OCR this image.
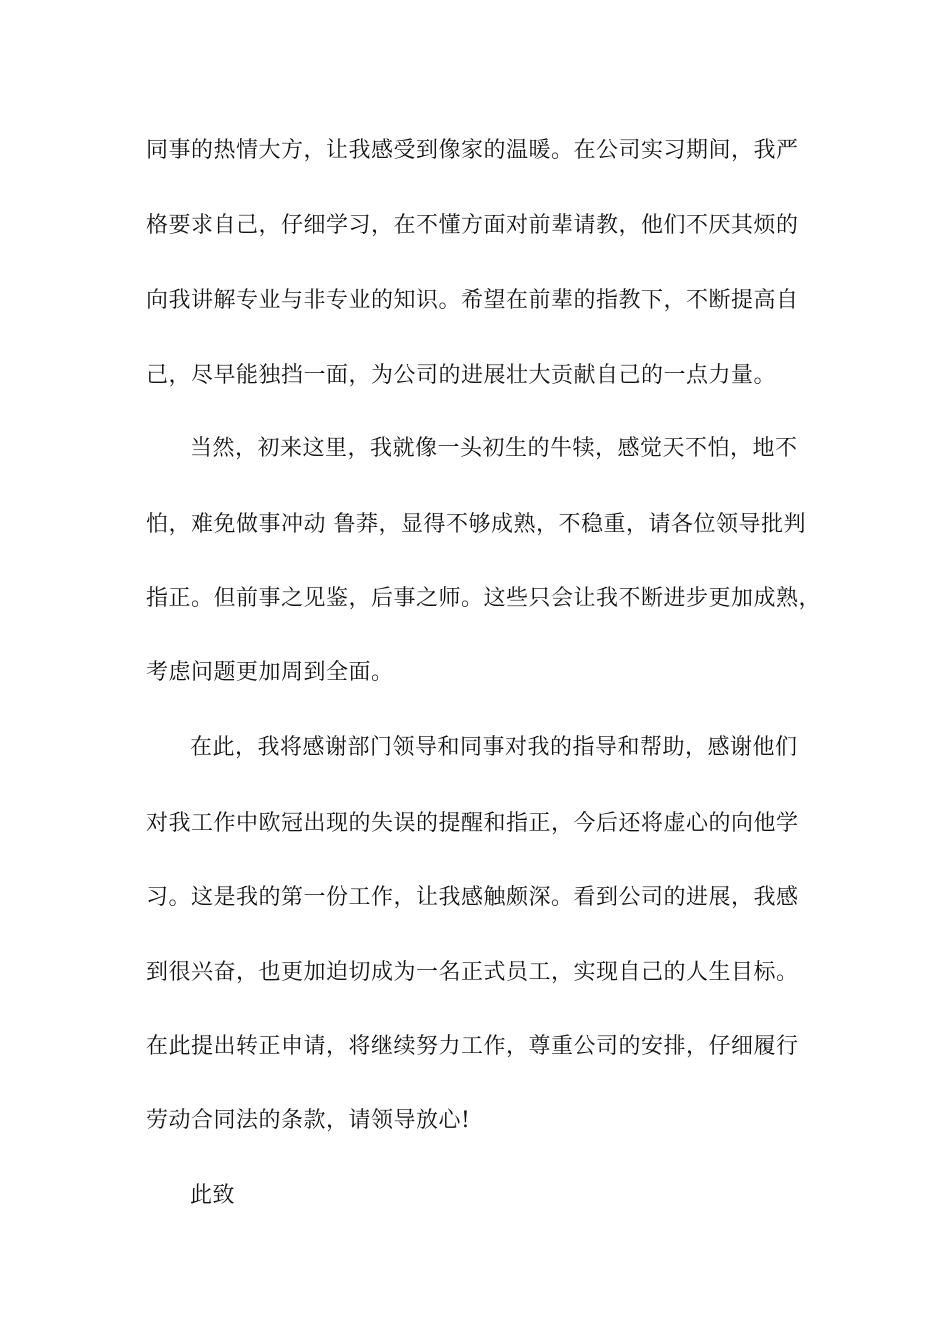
同事的热情大方，让我感受到像家的温暖。在公司实习期间，我严
格要求自己，仔细学习，在不懂方面对前辈请教，他们不厌其烦的
向我讲解专业与非专业的知识。希望在前辈的指教下，不断提高自
己，尽早能独挡一面，为公司的进展壮大贡献自己的一点力量。
当然，初来这里，我就像一头初生的牛犊，感觉天不怕，地不
怕，难免做事冲动 鲁莽，显得不够成熟，不稳重，请各位领导批判
指正。但前事之见鉴，后事之师。这些只会让我不断进步更加成熟，
考虑问题更加周到全面。
在此，我将感谢部门领导和同事对我的指导和帮助，感谢他们
对我工作中欧冠出现的失误的提醒和指正，今后还将虚心的向他学
习。这是我的第一份工作，让我感触颇深。看到公司的进展，我感
到很兴奋，也更加迫切成为一名正式员工，实现自己的人生目标。
在此提出转正申请，将继续努力工作，尊重公司的安排，仔细履行
劳动合同法的条款，请领导放心!
此致
